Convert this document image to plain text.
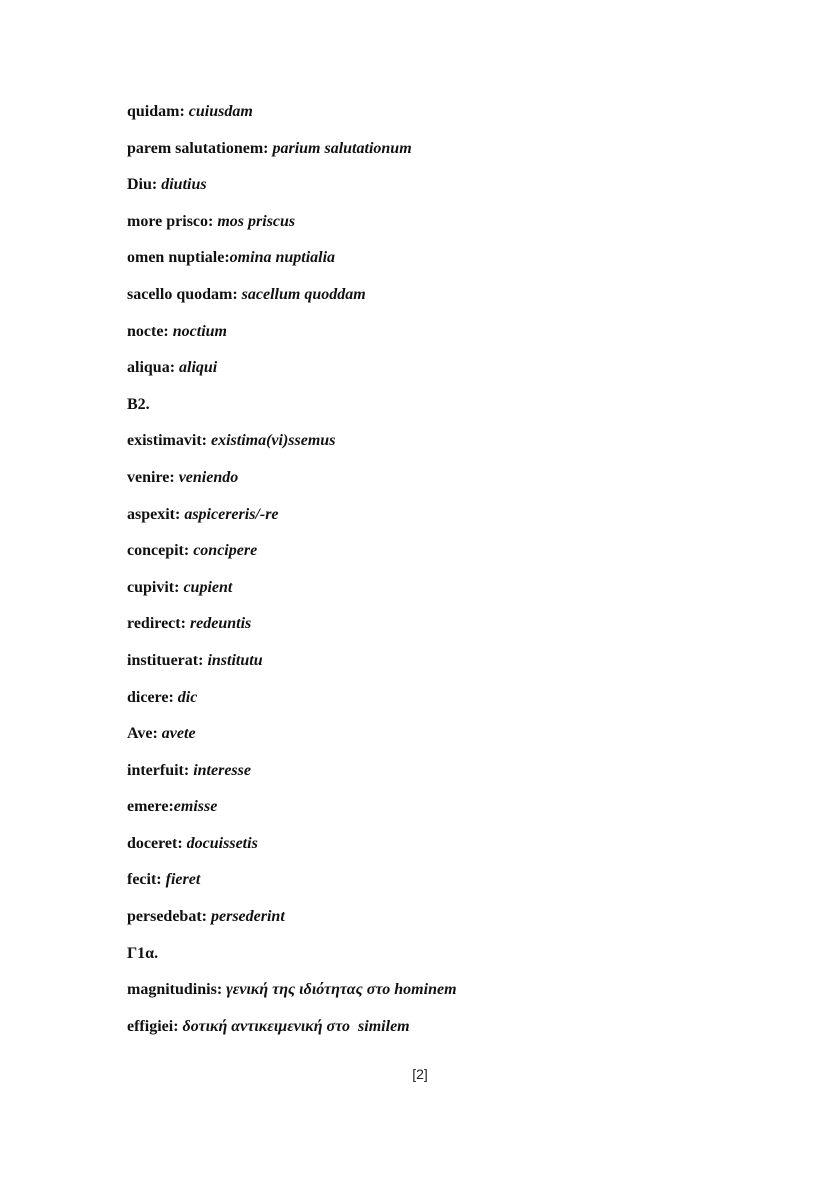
quidam: cuiusdam
parem salutationem: parium salutationum
Diu: diutius
more prisco: mos priscus
omen nuptiale:omina nuptialia
sacello quodam: sacellum quoddam
nocte: noctium
aliqua: aliqui
B2.
existimavit: existima(vi)ssemus
venire: veniendo
aspexit: aspicereris/-re
concepit: concipere
cupivit: cupient
redirect: redeuntis
instituerat: institutu
dicere: dic
Ave: avete
interfuit: interesse
emere:emisse
doceret: docuissetis
fecit: fieret
persedebat: persederint
Γ1α.
magnitudinis: γενική της ιδιότητας στο hominem
effigiei: δοτική αντικειμενική στο  similem
[2]
